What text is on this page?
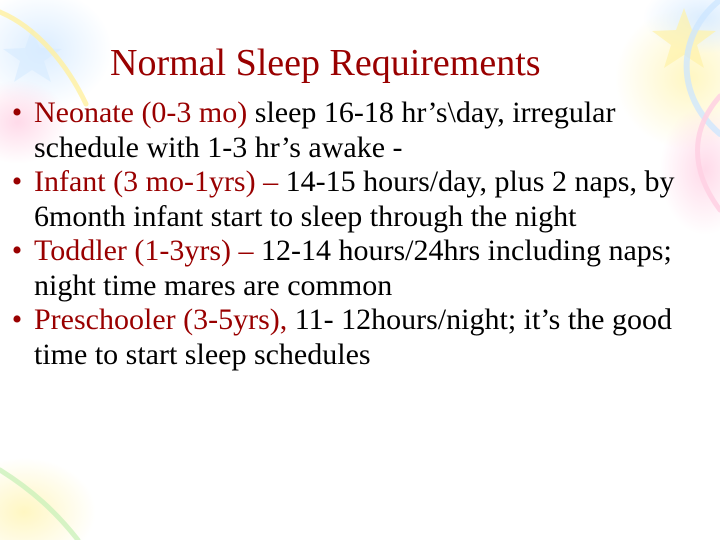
Normal Sleep Requirements
•
Neonate (0-3 mo) sleep 16-18 hr’s\day, irregular schedule with 1-3 hr’s awake -
•
Infant (3 mo-1yrs) – 14-15 hours/day, plus 2 naps, by 6month infant start to sleep through the night
•
Toddler (1-3yrs) – 12-14 hours/24hrs including naps; night time mares are common
•
Preschooler (3-5yrs), 11- 12hours/night; it’s the good time to start sleep schedules
